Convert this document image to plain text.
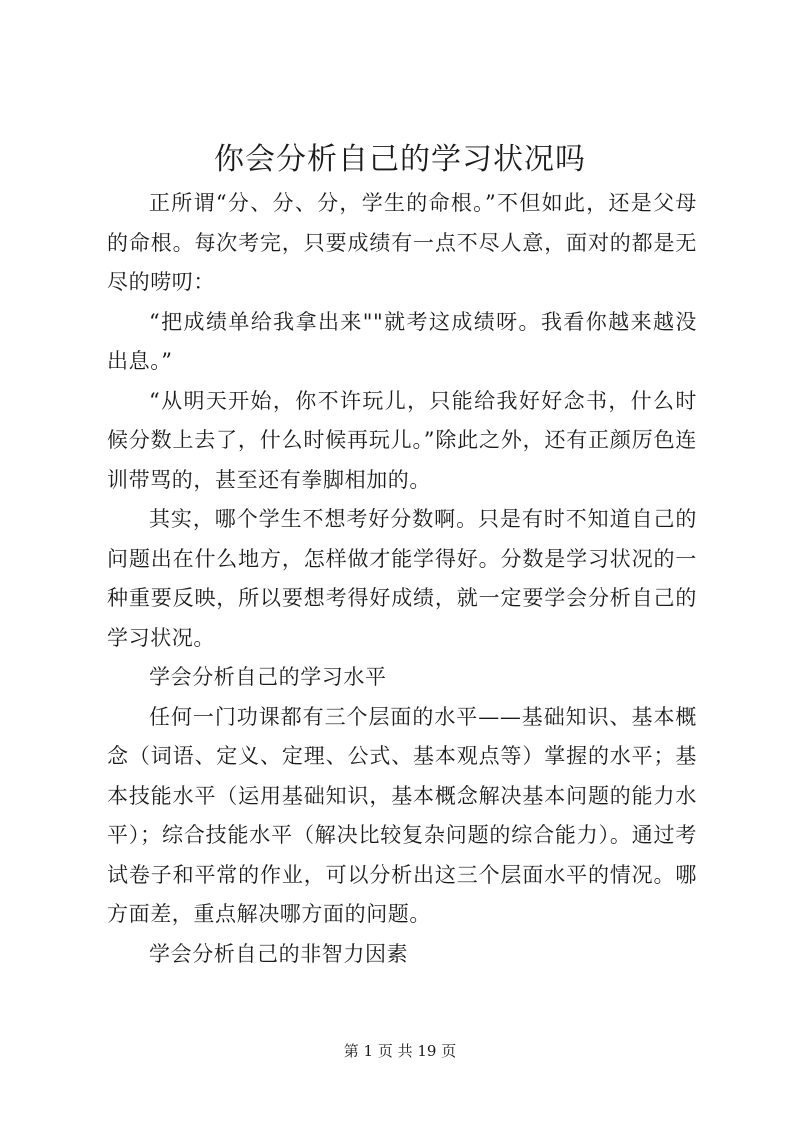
你会分析自己的学习状况吗

正所谓“分、分、分，学生的命根。”不但如此，还是父母的命根。每次考完，只要成绩有一点不尽人意，面对的都是无尽的唠叨：

“把成绩单给我拿出来""就考这成绩呀。我看你越来越没出息。”

“从明天开始，你不许玩儿，只能给我好好念书，什么时候分数上去了，什么时候再玩儿。”除此之外，还有正颜厉色连训带骂的，甚至还有拳脚相加的。

其实，哪个学生不想考好分数啊。只是有时不知道自己的问题出在什么地方，怎样做才能学得好。分数是学习状况的一种重要反映，所以要想考得好成绩，就一定要学会分析自己的学习状况。

学会分析自己的学习水平

任何一门功课都有三个层面的水平——基础知识、基本概念（词语、定义、定理、公式、基本观点等）掌握的水平；基本技能水平（运用基础知识，基本概念解决基本问题的能力水平）；综合技能水平（解决比较复杂问题的综合能力）。通过考试卷子和平常的作业，可以分析出这三个层面水平的情况。哪方面差，重点解决哪方面的问题。

学会分析自己的非智力因素

第 1 页 共 19 页
